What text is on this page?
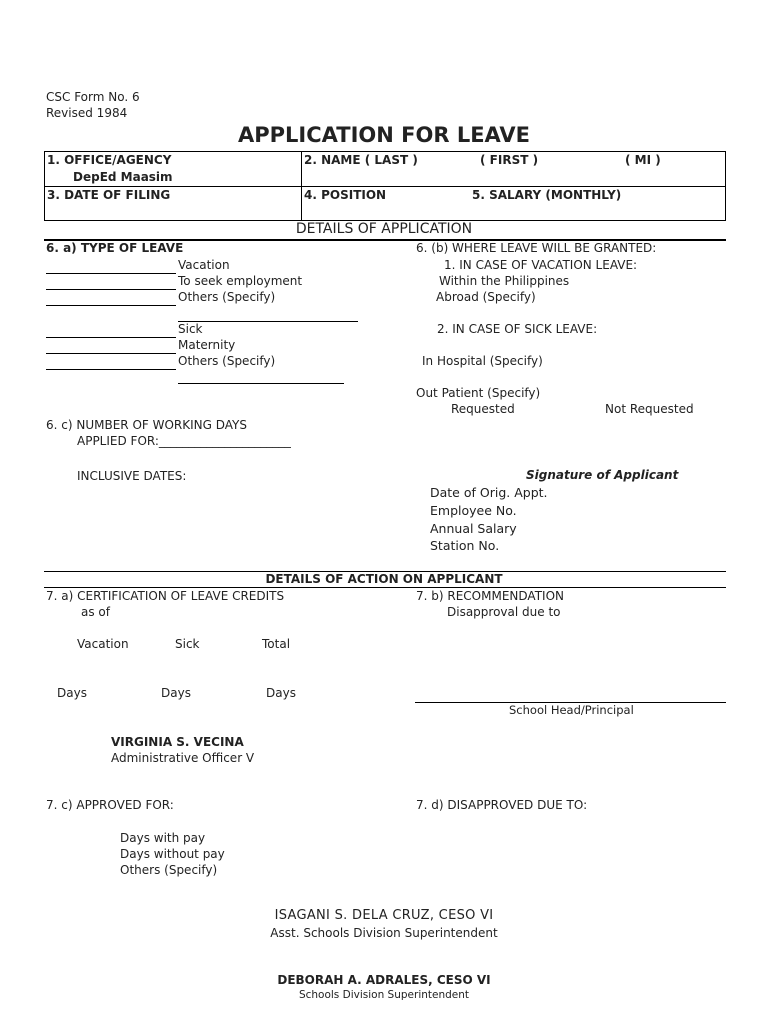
CSC Form No. 6
Revised 1984
APPLICATION FOR LEAVE
1. OFFICE/AGENCY
DepEd Maasim
2. NAME ( LAST )	( FIRST )	( MI )
3. DATE OF FILING	4. POSITION	5. SALARY (MONTHLY)
DETAILS OF APPLICATION
6. a) TYPE OF LEAVE
Vacation
To seek employment
Others (Specify)
Sick
Maternity
Others (Specify)
6. (b) WHERE LEAVE WILL BE GRANTED:
1. IN CASE OF VACATION LEAVE:
Within the Philippines
Abroad (Specify)
2. IN CASE OF SICK LEAVE:
In Hospital (Specify)
Out Patient (Specify)
Requested	Not Requested
6. c) NUMBER OF WORKING DAYS
APPLIED FOR:______________________
INCLUSIVE DATES:	Signature of Applicant
Date of Orig. Appt.
Employee No.
Annual Salary
Station No.
DETAILS OF ACTION ON APPLICANT
7. a) CERTIFICATION OF LEAVE CREDITS
as of
Vacation	Sick	Total
Days	Days	Days
7. b) RECOMMENDATION
Disapproval due to
School Head/Principal
VIRGINIA S. VECINA
Administrative Officer V
7. c) APPROVED FOR:
Days with pay
Days without pay
Others (Specify)
7. d) DISAPPROVED DUE TO:
ISAGANI S. DELA CRUZ, CESO VI
Asst. Schools Division Superintendent
DEBORAH A. ADRALES, CESO VI
Schools Division Superintendent
